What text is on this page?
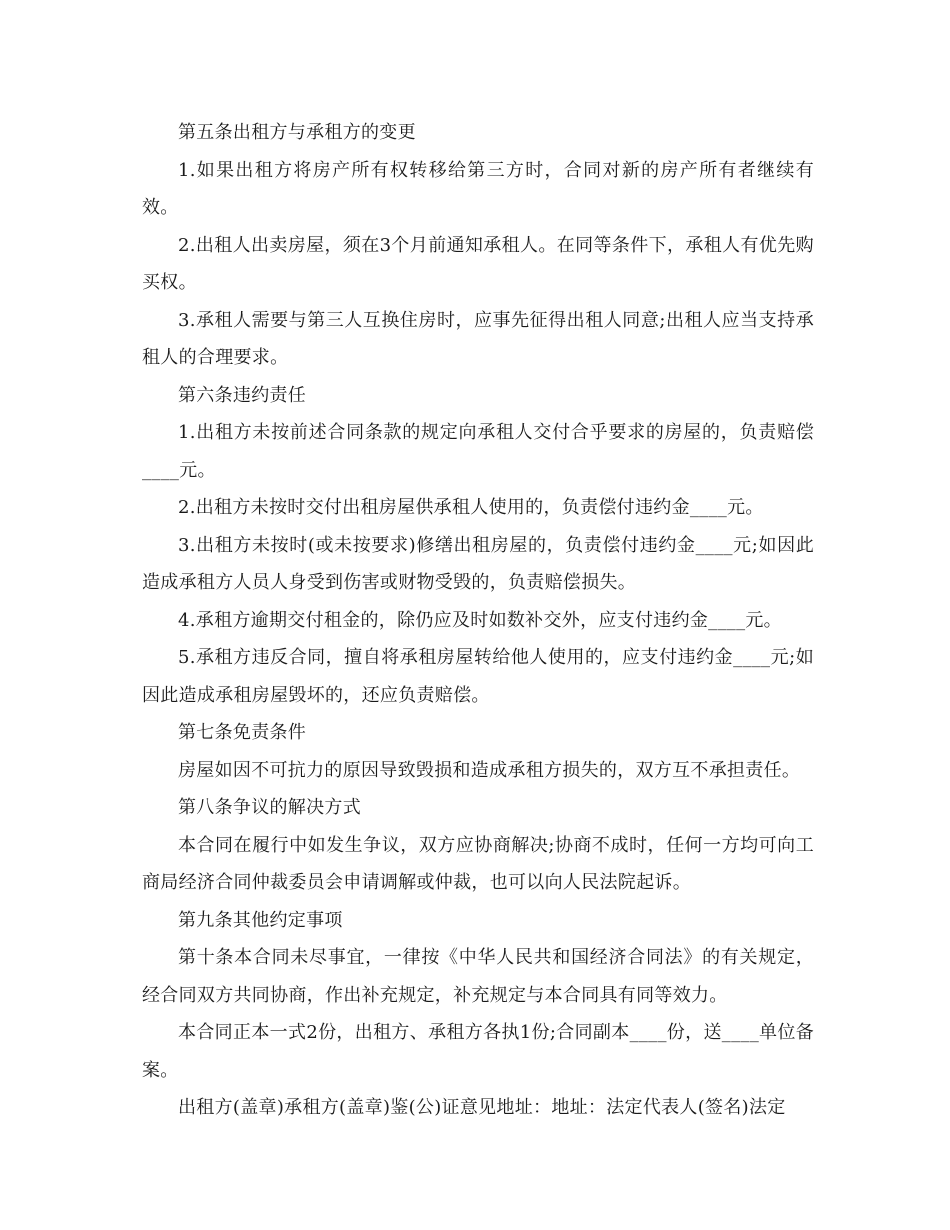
第五条出租方与承租方的变更

1.如果出租方将房产所有权转移给第三方时，合同对新的房产所有者继续有效。

2.出租人出卖房屋，须在3个月前通知承租人。在同等条件下，承租人有优先购买权。

3.承租人需要与第三人互换住房时，应事先征得出租人同意;出租人应当支持承租人的合理要求。

第六条违约责任

1.出租方未按前述合同条款的规定向承租人交付合乎要求的房屋的，负责赔偿____元。

2.出租方未按时交付出租房屋供承租人使用的，负责偿付违约金____元。

3.出租方未按时(或未按要求)修缮出租房屋的，负责偿付违约金____元;如因此造成承租方人员人身受到伤害或财物受毁的，负责赔偿损失。

4.承租方逾期交付租金的，除仍应及时如数补交外，应支付违约金____元。

5.承租方违反合同，擅自将承租房屋转给他人使用的，应支付违约金____元;如因此造成承租房屋毁坏的，还应负责赔偿。

第七条免责条件

房屋如因不可抗力的原因导致毁损和造成承租方损失的，双方互不承担责任。

第八条争议的解决方式

本合同在履行中如发生争议，双方应协商解决;协商不成时，任何一方均可向工商局经济合同仲裁委员会申请调解或仲裁，也可以向人民法院起诉。

第九条其他约定事项

第十条本合同未尽事宜，一律按《中华人民共和国经济合同法》的有关规定，经合同双方共同协商，作出补充规定，补充规定与本合同具有同等效力。

本合同正本一式2份，出租方、承租方各执1份;合同副本____份，送____单位备案。

出租方(盖章)承租方(盖章)鉴(公)证意见地址：地址：法定代表人(签名)法定
